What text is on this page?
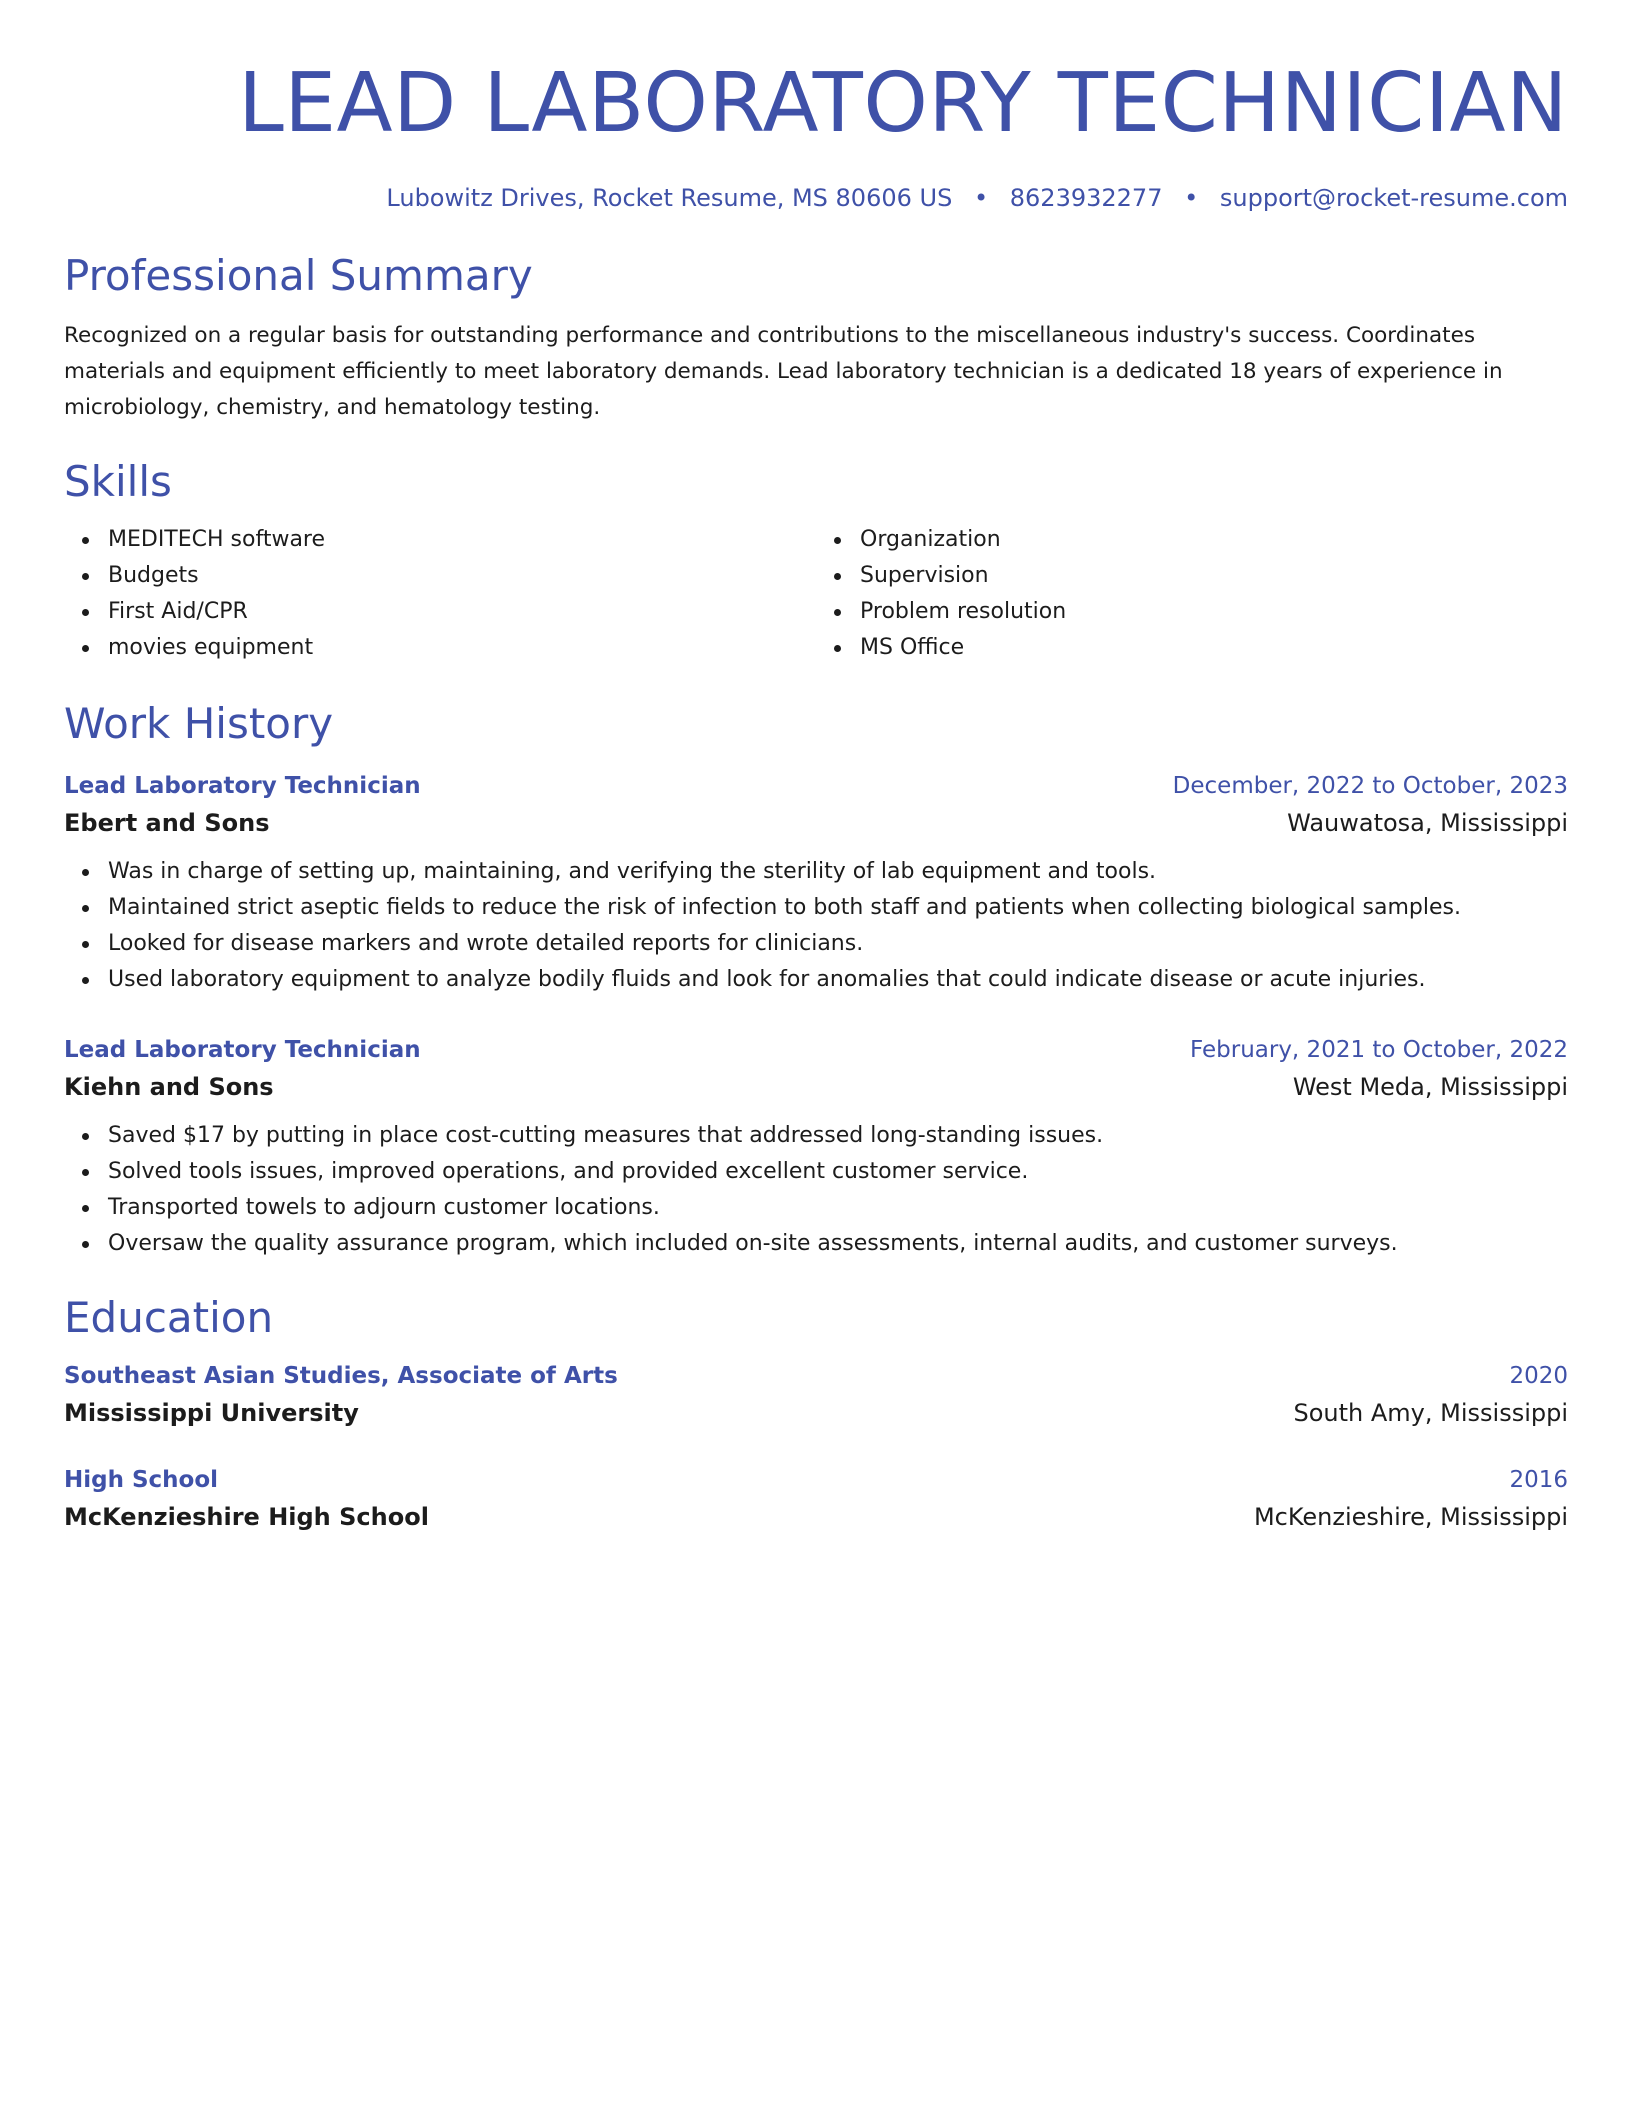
LEAD LABORATORY TECHNICIAN
Lubowitz Drives, Rocket Resume, MS 80606 US • 8623932277 • support@rocket-resume.com
Professional Summary

Recognized on a regular basis for outstanding performance and contributions to the miscellaneous industry's success. Coordinates materials and equipment efficiently to meet laboratory demands. Lead laboratory technician is a dedicated 18 years of experience in microbiology, chemistry, and hematology testing.

Skills
MEDITECH software
Budgets
First Aid/CPR
movies equipment
Organization
Supervision
Problem resolution
MS Office
Work History
Lead Laboratory Technician	December, 2022 to October, 2023
Ebert and Sons	Wauwatosa, Mississippi
Was in charge of setting up, maintaining, and verifying the sterility of lab equipment and tools.
Maintained strict aseptic fields to reduce the risk of infection to both staff and patients when collecting biological samples.
Looked for disease markers and wrote detailed reports for clinicians.
Used laboratory equipment to analyze bodily fluids and look for anomalies that could indicate disease or acute injuries.
Lead Laboratory Technician	February, 2021 to October, 2022
Kiehn and Sons	West Meda, Mississippi
Saved $17 by putting in place cost-cutting measures that addressed long-standing issues.
Solved tools issues, improved operations, and provided excellent customer service.
Transported towels to adjourn customer locations.
Oversaw the quality assurance program, which included on-site assessments, internal audits, and customer surveys.
Education
Southeast Asian Studies, Associate of Arts	2020
Mississippi University	South Amy, Mississippi
High School	2016
McKenzieshire High School	McKenzieshire, Mississippi
